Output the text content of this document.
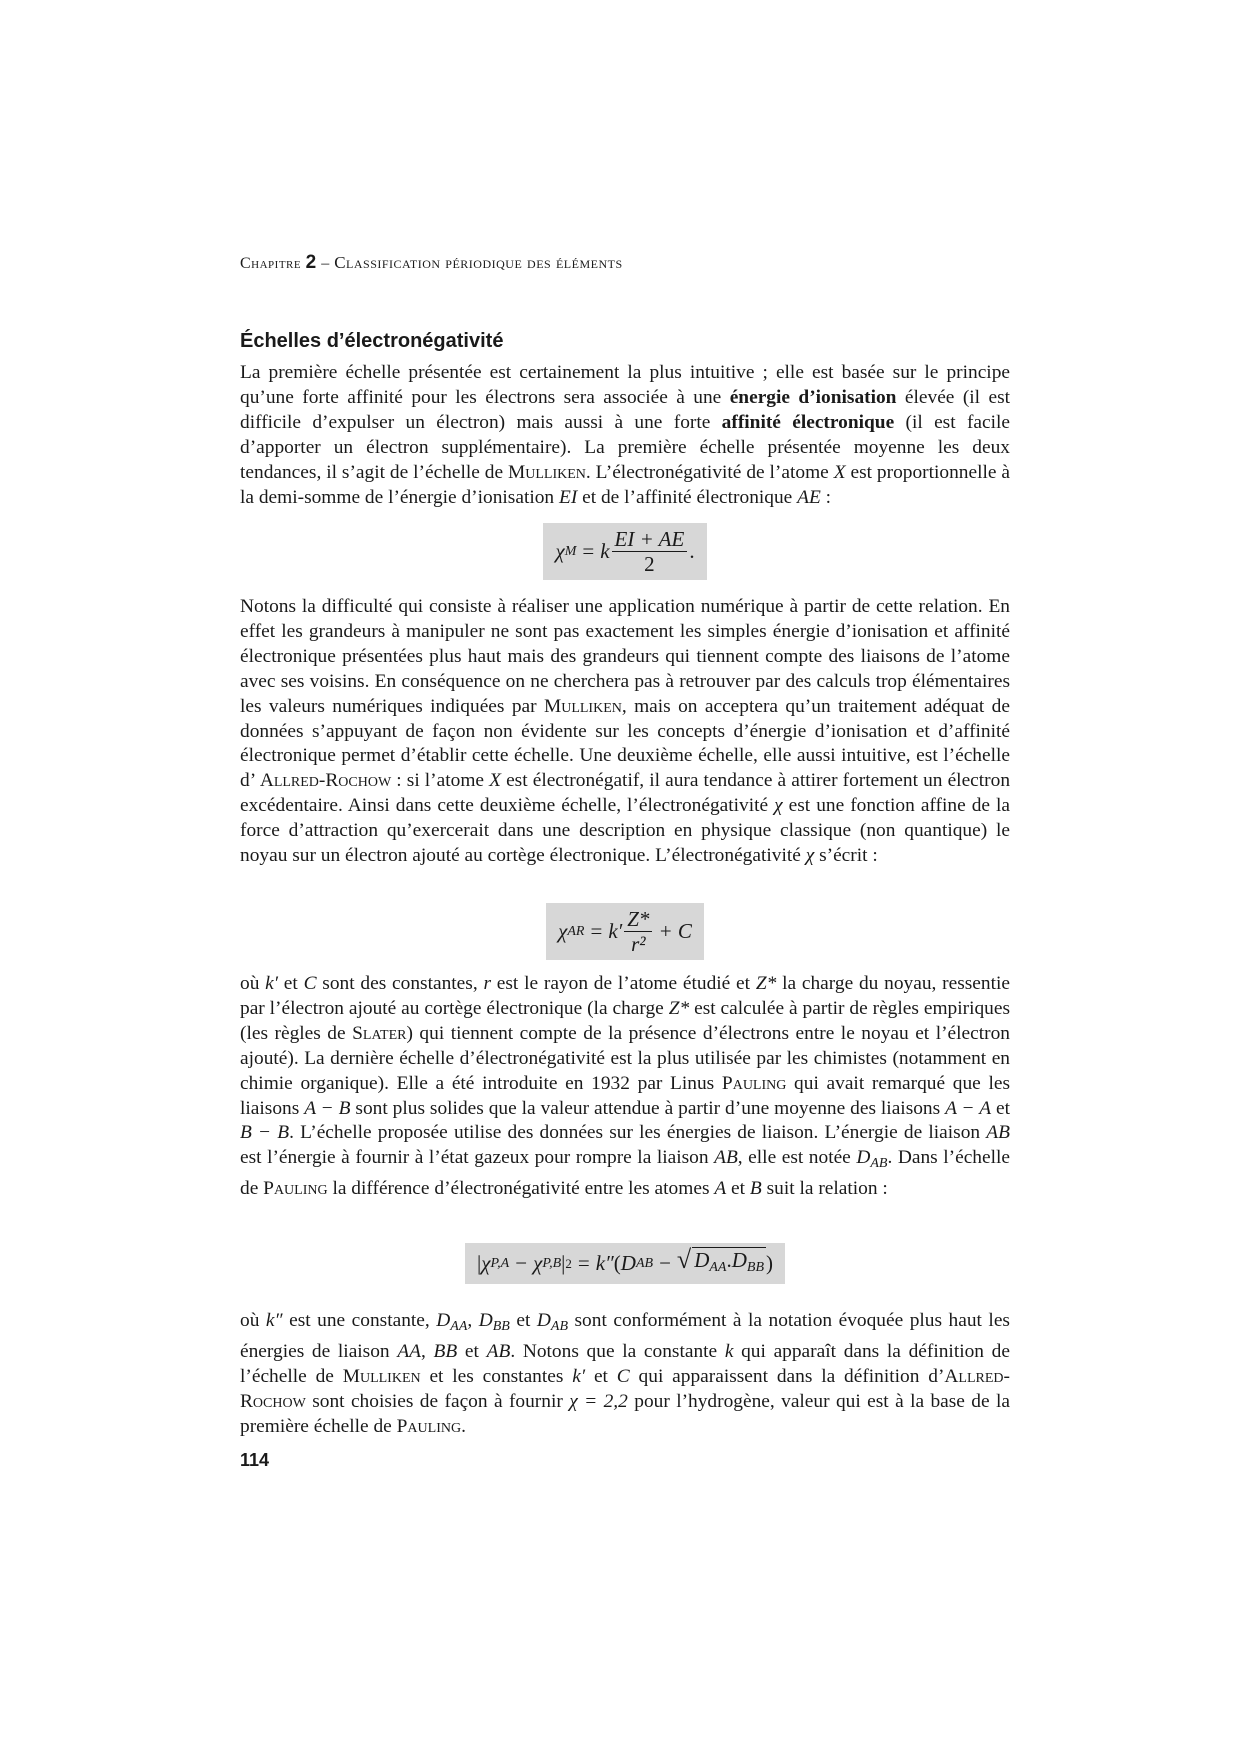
Chapitre 2 – Classification périodique des éléments
Échelles d’électronégativité

La première échelle présentée est certainement la plus intuitive ; elle est basée sur le principe qu’une forte affinité pour les électrons sera associée à une énergie d’ionisation élevée (il est difficile d’expulser un électron) mais aussi à une forte affinité électronique (il est facile d’apporter un électron supplémentaire). La première échelle présentée moyenne les deux tendances, il s’agit de l’échelle de Mulliken. L’électronégativité de l’atome X est proportionnelle à la demi-somme de l’énergie d’ionisation EI et de l’affinité électronique AE :

χ M = k $\frac{EI + AE}{2}$ .

Notons la difficulté qui consiste à réaliser une application numérique à partir de cette relation. En effet les grandeurs à manipuler ne sont pas exactement les simples énergie d’ionisation et affinité électronique présentées plus haut mais des grandeurs qui tiennent compte des liaisons de l’atome avec ses voisins. En conséquence on ne cherchera pas à retrouver par des calculs trop élémentaires les valeurs numériques indiquées par Mulliken, mais on acceptera qu’un traitement adéquat de données s’appuyant de façon non évidente sur les concepts d’énergie d’ionisation et d’affinité électronique permet d’établir cette échelle. Une deuxième échelle, elle aussi intuitive, est l’échelle d’ Allred-Rochow : si l’atome X est électronégatif, il aura tendance à attirer fortement un électron excédentaire. Ainsi dans cette deuxième échelle, l’électronégativité χ est une fonction affine de la force d’attraction qu’exercerait dans une description en physique classique (non quantique) le noyau sur un électron ajouté au cortège électronique. L’électronégativité χ s’écrit :

χ AR = $k' \frac{Z*}{\text{r²}} + C$

où k′ et C sont des constantes, r est le rayon de l’atome étudié et Z* la charge du noyau, ressentie par l’électron ajouté au cortège électronique (la charge Z* est calculée à partir de règles empiriques (les règles de Slater) qui tiennent compte de la présence d’électrons entre le noyau et l’électron ajouté). La dernière échelle d’électronégativité est la plus utilisée par les chimistes (notamment en chimie organique). Elle a été introduite en 1932 par Linus Pauling qui avait remarqué que les liaisons A − B sont plus solides que la valeur attendue à partir d’une moyenne des liaisons A − A et B − B. L’échelle proposée utilise des données sur les énergies de liaison. L’énergie de liaison AB est l’énergie à fournir à l’état gazeux pour rompre la liaison AB, elle est notée $D_{AB}$. Dans l’échelle de Pauling la différence d’électronégativité entre les atomes A et B suit la relation :

| χ P,A − χ P,B | 2 = k″ ( D AB − √ $D_{AA}.D_{BB}$ )

où k″ est une constante, $D_{AA}$, $D_{BB}$ et $D_{AB}$ sont conformément à la notation évoquée plus haut les énergies de liaison AA, BB et AB. Notons que la constante k qui apparaît dans la définition de l’échelle de Mulliken et les constantes k′ et C qui apparaissent dans la définition d’Allred-Rochow sont choisies de façon à fournir χ = 2,2 pour l’hydrogène, valeur qui est à la base de la première échelle de Pauling.

114
